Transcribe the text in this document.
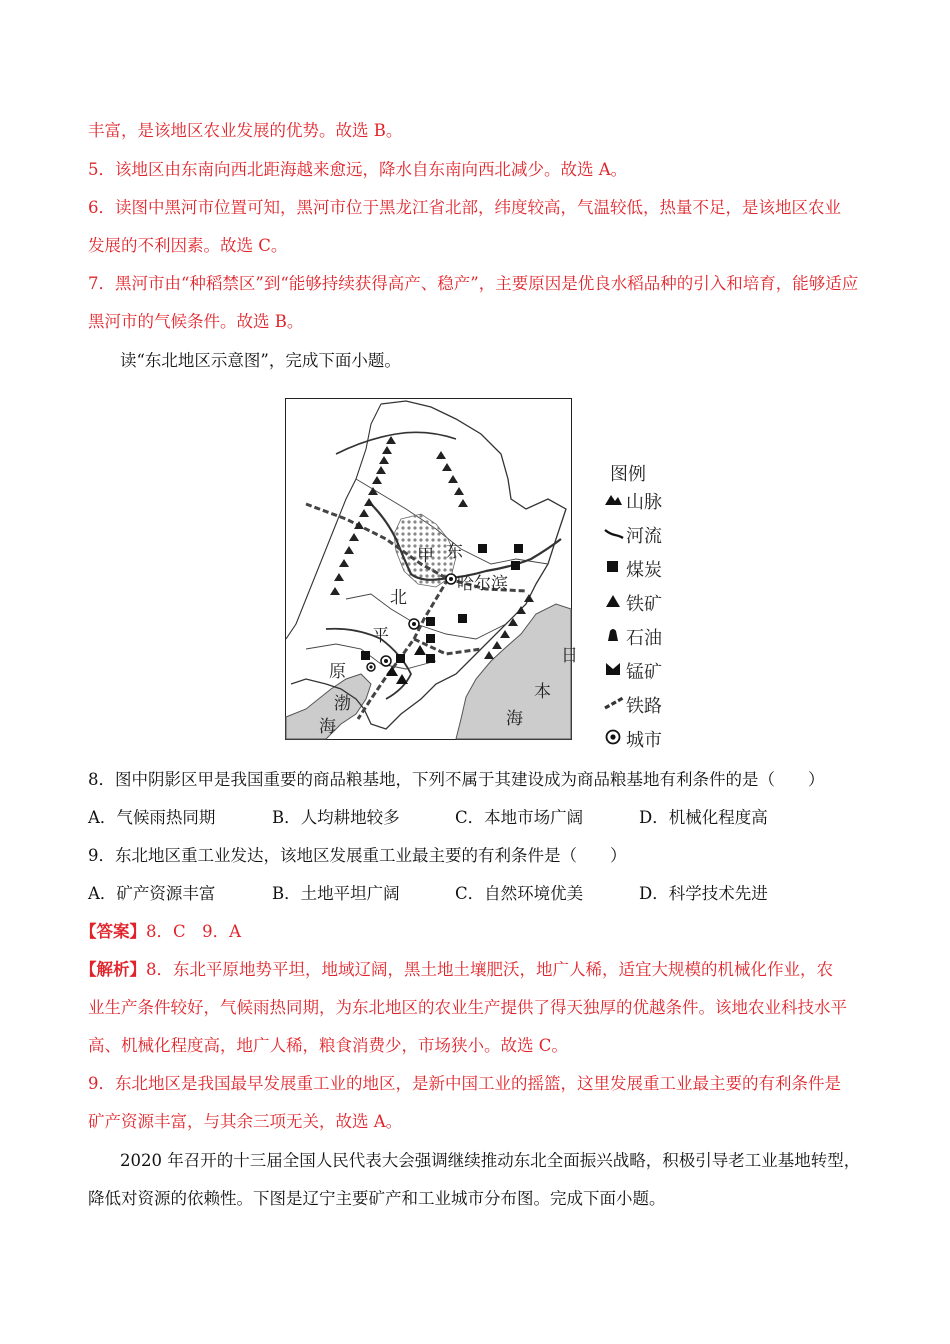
丰富，是该地区农业发展的优势。故选 B。
5．该地区由东南向西北距海越来愈远，降水自东南向西北减少。故选 A。
6．读图中黑河市位置可知，黑河市位于黑龙江省北部，纬度较高，气温较低，热量不足，是该地区农业
发展的不利因素。故选 C。
7．黑河市由“种稻禁区”到“能够持续获得高产、稳产”，主要原因是优良水稻品种的引入和培育，能够适应
黑河市的气候条件。故选 B。
读“东北地区示意图”，完成下面小题。
甲 东
哈尔滨
北
平
原
渤
海
日
本
海
图例
山脉
河流
煤炭
铁矿
石油
锰矿
铁路
城市
8．图中阴影区甲是我国重要的商品粮基地，下列不属于其建设成为商品粮基地有利条件的是（　　）
A．气候雨热同期	B．人均耕地较多	C．本地市场广阔	D．机械化程度高
9．东北地区重工业发达，该地区发展重工业最主要的有利条件是（　　）
A．矿产资源丰富	B．土地平坦广阔	C．自然环境优美	D．科学技术先进
【答案】8．C　9．A
【解析】8．东北平原地势平坦，地域辽阔，黑土地土壤肥沃，地广人稀，适宜大规模的机械化作业，农
业生产条件较好，气候雨热同期，为东北地区的农业生产提供了得天独厚的优越条件。该地农业科技水平
高、机械化程度高，地广人稀，粮食消费少，市场狭小。故选 C。
9．东北地区是我国最早发展重工业的地区，是新中国工业的摇篮，这里发展重工业最主要的有利条件是
矿产资源丰富，与其余三项无关，故选 A。
2020 年召开的十三届全国人民代表大会强调继续推动东北全面振兴战略，积极引导老工业基地转型，
降低对资源的依赖性。下图是辽宁主要矿产和工业城市分布图。完成下面小题。
